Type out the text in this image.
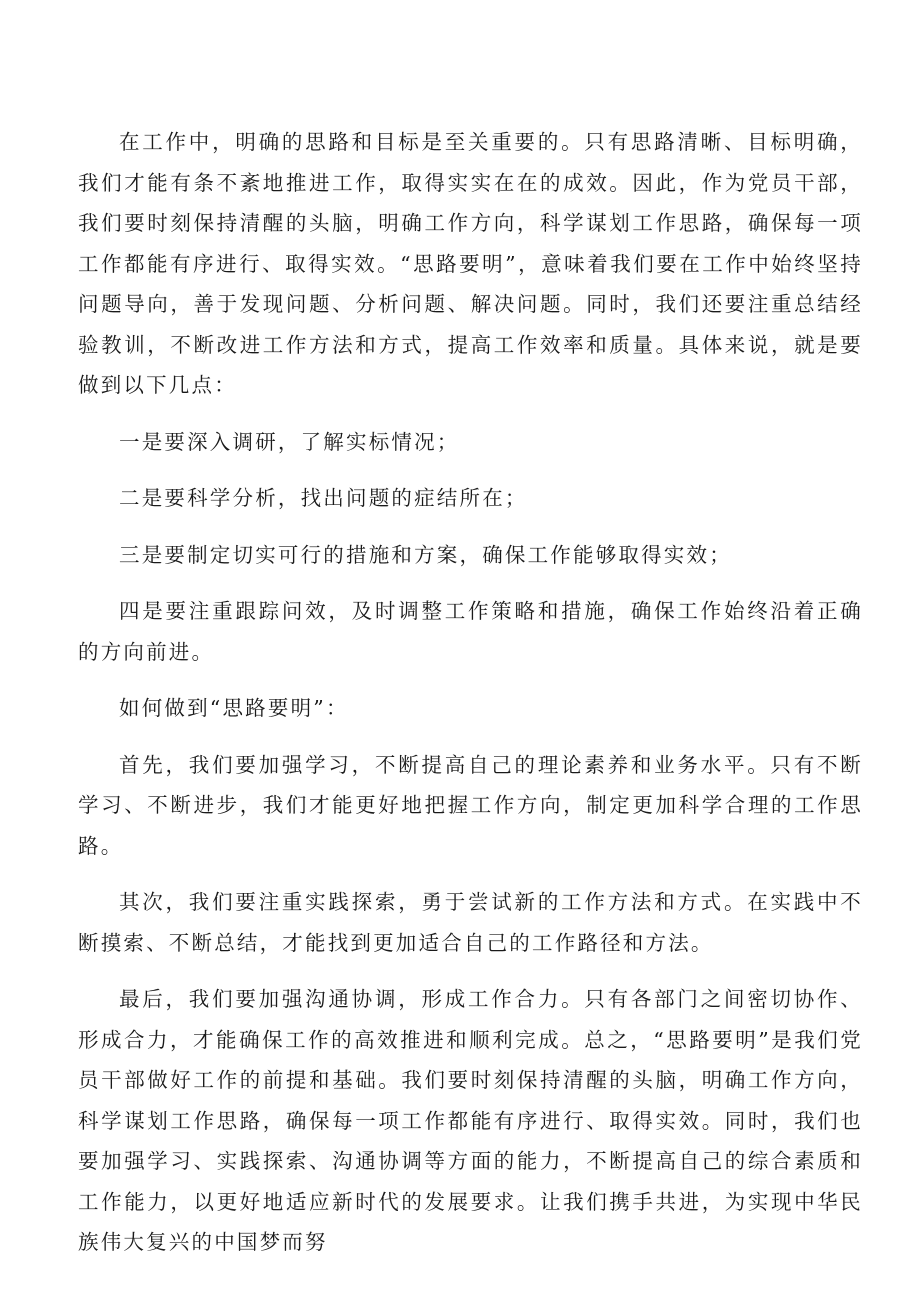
在工作中，明确的思路和目标是至关重要的。只有思路清晰、目标明确，我们才能有条不紊地推进工作，取得实实在在的成效。因此，作为党员干部，我们要时刻保持清醒的头脑，明确工作方向，科学谋划工作思路，确保每一项工作都能有序进行、取得实效。“思路要明”，意味着我们要在工作中始终坚持问题导向，善于发现问题、分析问题、解决问题。同时，我们还要注重总结经验教训，不断改进工作方法和方式，提高工作效率和质量。具体来说，就是要做到以下几点：

一是要深入调研，了解实标情况；

二是要科学分析，找出问题的症结所在；

三是要制定切实可行的措施和方案，确保工作能够取得实效；

四是要注重跟踪问效，及时调整工作策略和措施，确保工作始终沿着正确的方向前进。

如何做到“思路要明”：

首先，我们要加强学习，不断提高自己的理论素养和业务水平。只有不断学习、不断进步，我们才能更好地把握工作方向，制定更加科学合理的工作思路。

其次，我们要注重实践探索，勇于尝试新的工作方法和方式。在实践中不断摸索、不断总结，才能找到更加适合自己的工作路径和方法。

最后，我们要加强沟通协调，形成工作合力。只有各部门之间密切协作、形成合力，才能确保工作的高效推进和顺利完成。总之，“思路要明”是我们党员干部做好工作的前提和基础。我们要时刻保持清醒的头脑，明确工作方向，科学谋划工作思路，确保每一项工作都能有序进行、取得实效。同时，我们也要加强学习、实践探索、沟通协调等方面的能力，不断提高自己的综合素质和工作能力，以更好地适应新时代的发展要求。让我们携手共进，为实现中华民族伟大复兴的中国梦而努
